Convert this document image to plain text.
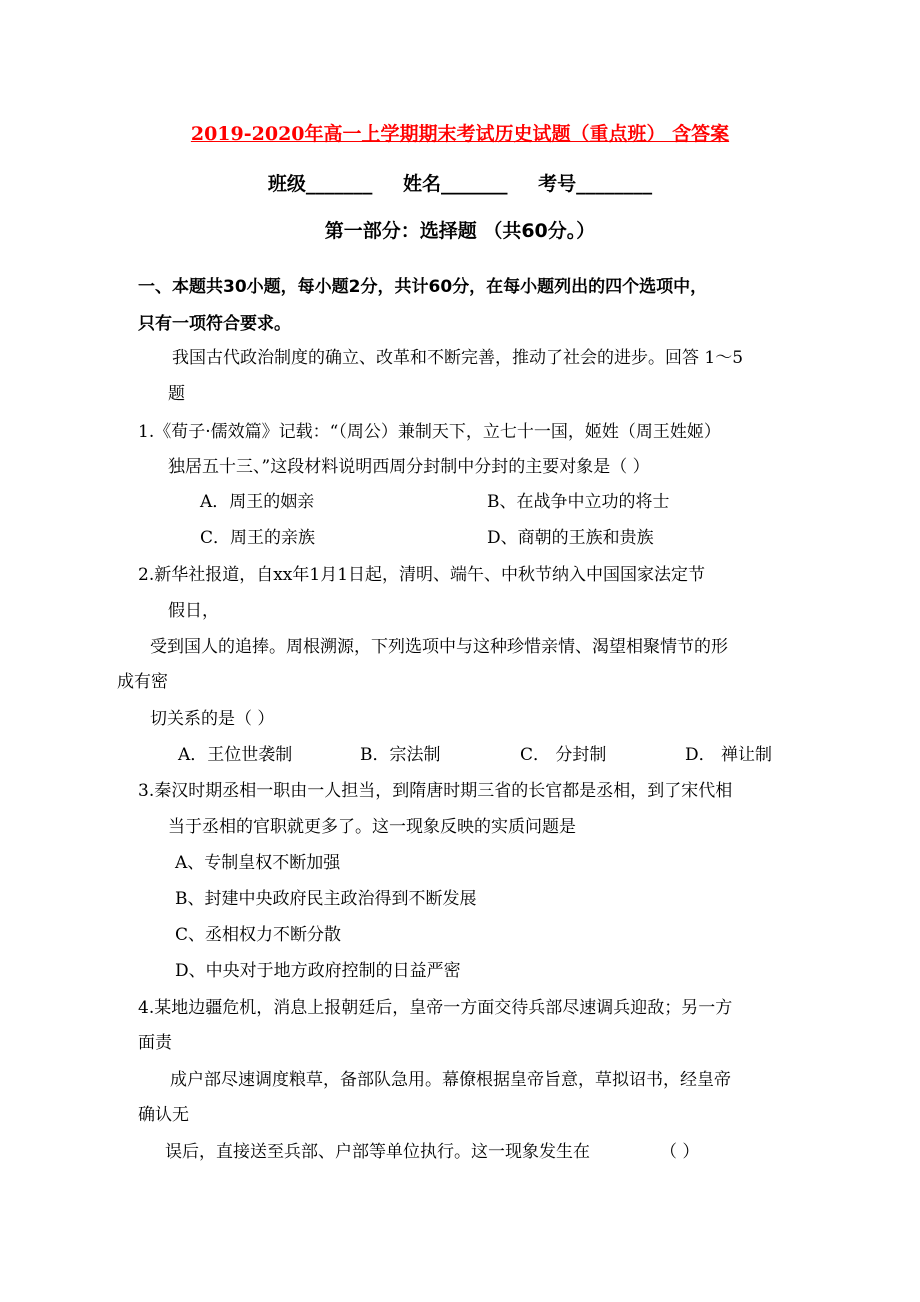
2019-2020年高一上学期期末考试历史试题（重点班） 含答案
班级_______ 姓名_______ 考号________
第一部分：选择题 （共60分。）
一、本题共30小题，每小题2分，共计60分，在每小题列出的四个选项中，
只有一项符合要求。
我国古代政治制度的确立、改革和不断完善，推动了社会的进步。回答 1～5
题
1.《荀子·儒效篇》记载：“（周公）兼制天下，立七十一国，姬姓（周王姓姬）
独居五十三、”这段材料说明西周分封制中分封的主要对象是（ ）
A．周王的姻亲	B、在战争中立功的将士
C．周王的亲族	D、商朝的王族和贵族
2.新华社报道，自xx年1月1日起，清明、端午、中秋节纳入中国国家法定节
假日，
受到国人的追捧。周根溯源，下列选项中与这种珍惜亲情、渴望相聚情节的形
成有密
切关系的是（ ）
A．王位世袭制	B．宗法制	C． 分封制	D． 禅让制
3.秦汉时期丞相一职由一人担当，到隋唐时期三省的长官都是丞相，到了宋代相
当于丞相的官职就更多了。这一现象反映的实质问题是
A、专制皇权不断加强
B、封建中央政府民主政治得到不断发展
C、丞相权力不断分散
D、中央对于地方政府控制的日益严密
4.某地边疆危机，消息上报朝廷后，皇帝一方面交待兵部尽速调兵迎敌；另一方
面责
成户部尽速调度粮草，备部队急用。幕僚根据皇帝旨意，草拟诏书，经皇帝
确认无
误后，直接送至兵部、户部等单位执行。这一现象发生在	（ ）
